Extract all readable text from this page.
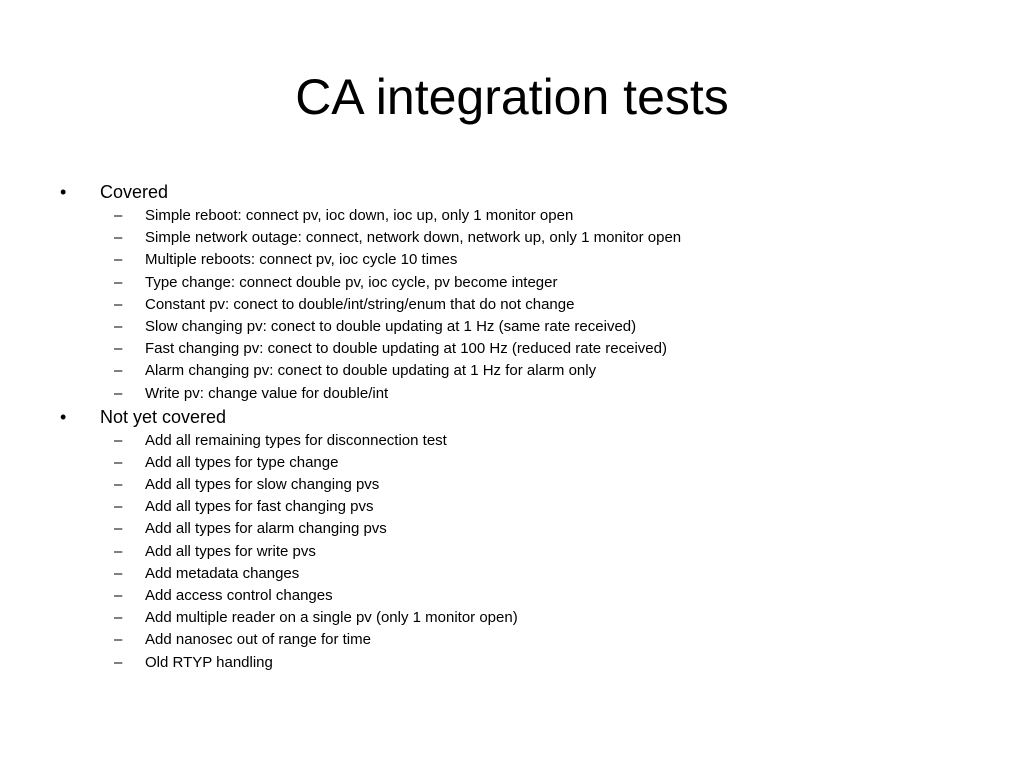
CA integration tests
• Covered
– Simple reboot: connect pv, ioc down, ioc up, only 1 monitor open
– Simple network outage: connect, network down, network up, only 1 monitor open
– Multiple reboots: connect pv, ioc cycle 10 times
– Type change: connect double pv, ioc cycle, pv become integer
– Constant pv: conect to double/int/string/enum that do not change
– Slow changing pv: conect to double updating at 1 Hz (same rate received)
– Fast changing pv: conect to double updating at 100 Hz (reduced rate received)
– Alarm changing pv: conect to double updating at 1 Hz for alarm only
– Write pv: change value for double/int
• Not yet covered
– Add all remaining types for disconnection test
– Add all types for type change
– Add all types for slow changing pvs
– Add all types for fast changing pvs
– Add all types for alarm changing pvs
– Add all types for write pvs
– Add metadata changes
– Add access control changes
– Add multiple reader on a single pv (only 1 monitor open)
– Add nanosec out of range for time
– Old RTYP handling
